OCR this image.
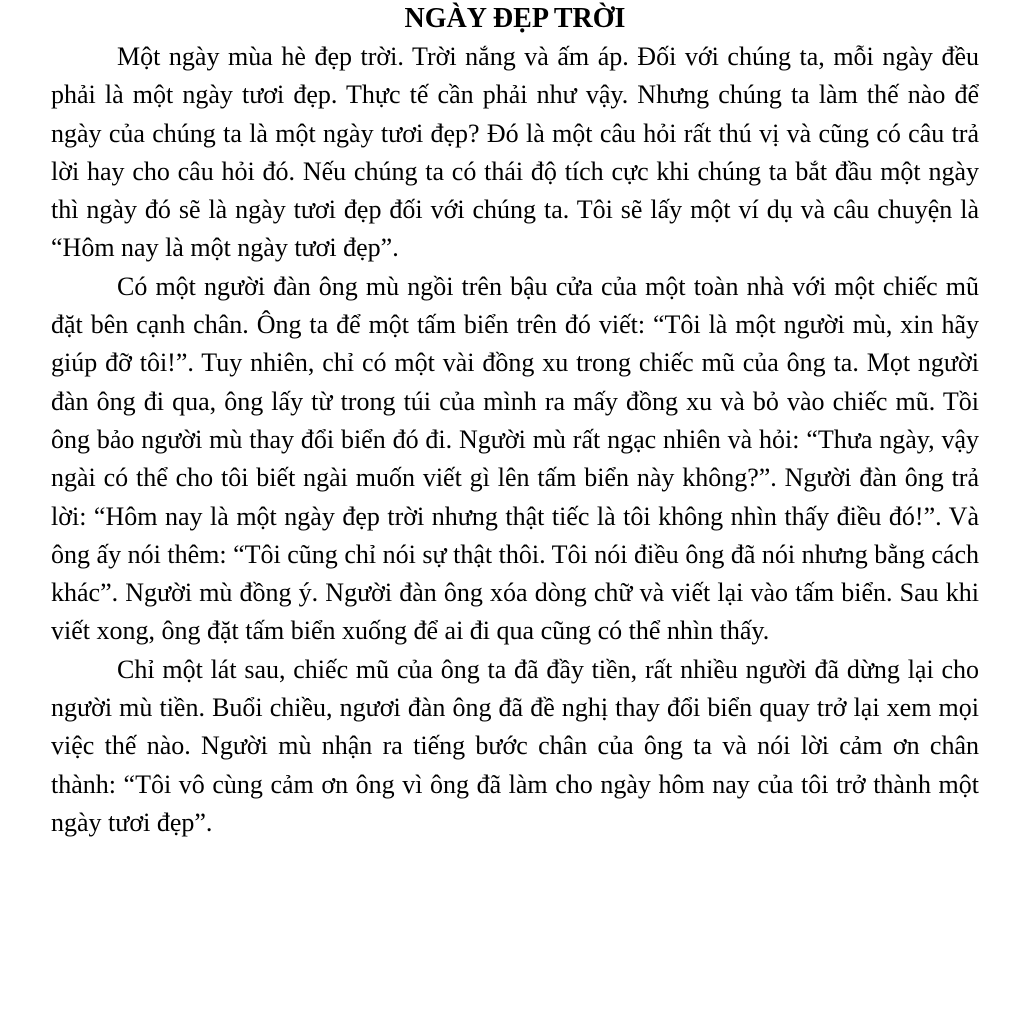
NGÀY ĐẸP TRỜI

Một ngày mùa hè đẹp trời. Trời nắng và ấm áp. Đối với chúng ta, mỗi ngày đều phải là một ngày tươi đẹp. Thực tế cần phải như vậy. Nhưng chúng ta làm thế nào để ngày của chúng ta là một ngày tươi đẹp? Đó là một câu hỏi rất thú vị và cũng có câu trả lời hay cho câu hỏi đó. Nếu chúng ta có thái độ tích cực khi chúng ta bắt đầu một ngày thì ngày đó sẽ là ngày tươi đẹp đối với chúng ta. Tôi sẽ lấy một ví dụ và câu chuyện là “Hôm nay là một ngày tươi đẹp”.

Có một người đàn ông mù ngồi trên bậu cửa của một toàn nhà với một chiếc mũ đặt bên cạnh chân. Ông ta để một tấm biển trên đó viết: “Tôi là một người mù, xin hãy giúp đỡ tôi!”. Tuy nhiên, chỉ có một vài đồng xu trong chiếc mũ của ông ta. Mọt người đàn ông đi qua, ông lấy từ trong túi của mình ra mấy đồng xu và bỏ vào chiếc mũ. Tồi ông bảo người mù thay đổi biển đó đi. Người mù rất ngạc nhiên và hỏi: “Thưa ngày, vậy ngài có thể cho tôi biết ngài muốn viết gì lên tấm biển này không?”. Người đàn ông trả lời: “Hôm nay là một ngày đẹp trời nhưng thật tiếc là tôi không nhìn thấy điều đó!”. Và ông ấy nói thêm: “Tôi cũng chỉ nói sự thật thôi. Tôi nói điều ông đã nói nhưng bằng cách khác”. Người mù đồng ý. Người đàn ông xóa dòng chữ và viết lại vào tấm biển. Sau khi viết xong, ông đặt tấm biển xuống để ai đi qua cũng có thể nhìn thấy.

Chỉ một lát sau, chiếc mũ của ông ta đã đầy tiền, rất nhiều người đã dừng lại cho người mù tiền. Buổi chiều, ngươi đàn ông đã đề nghị thay đổi biển quay trở lại xem mọi việc thế nào. Người mù nhận ra tiếng bước chân của ông ta và nói lời cảm ơn chân thành: “Tôi vô cùng cảm ơn ông vì ông đã làm cho ngày hôm nay của tôi trở thành một ngày tươi đẹp”.
